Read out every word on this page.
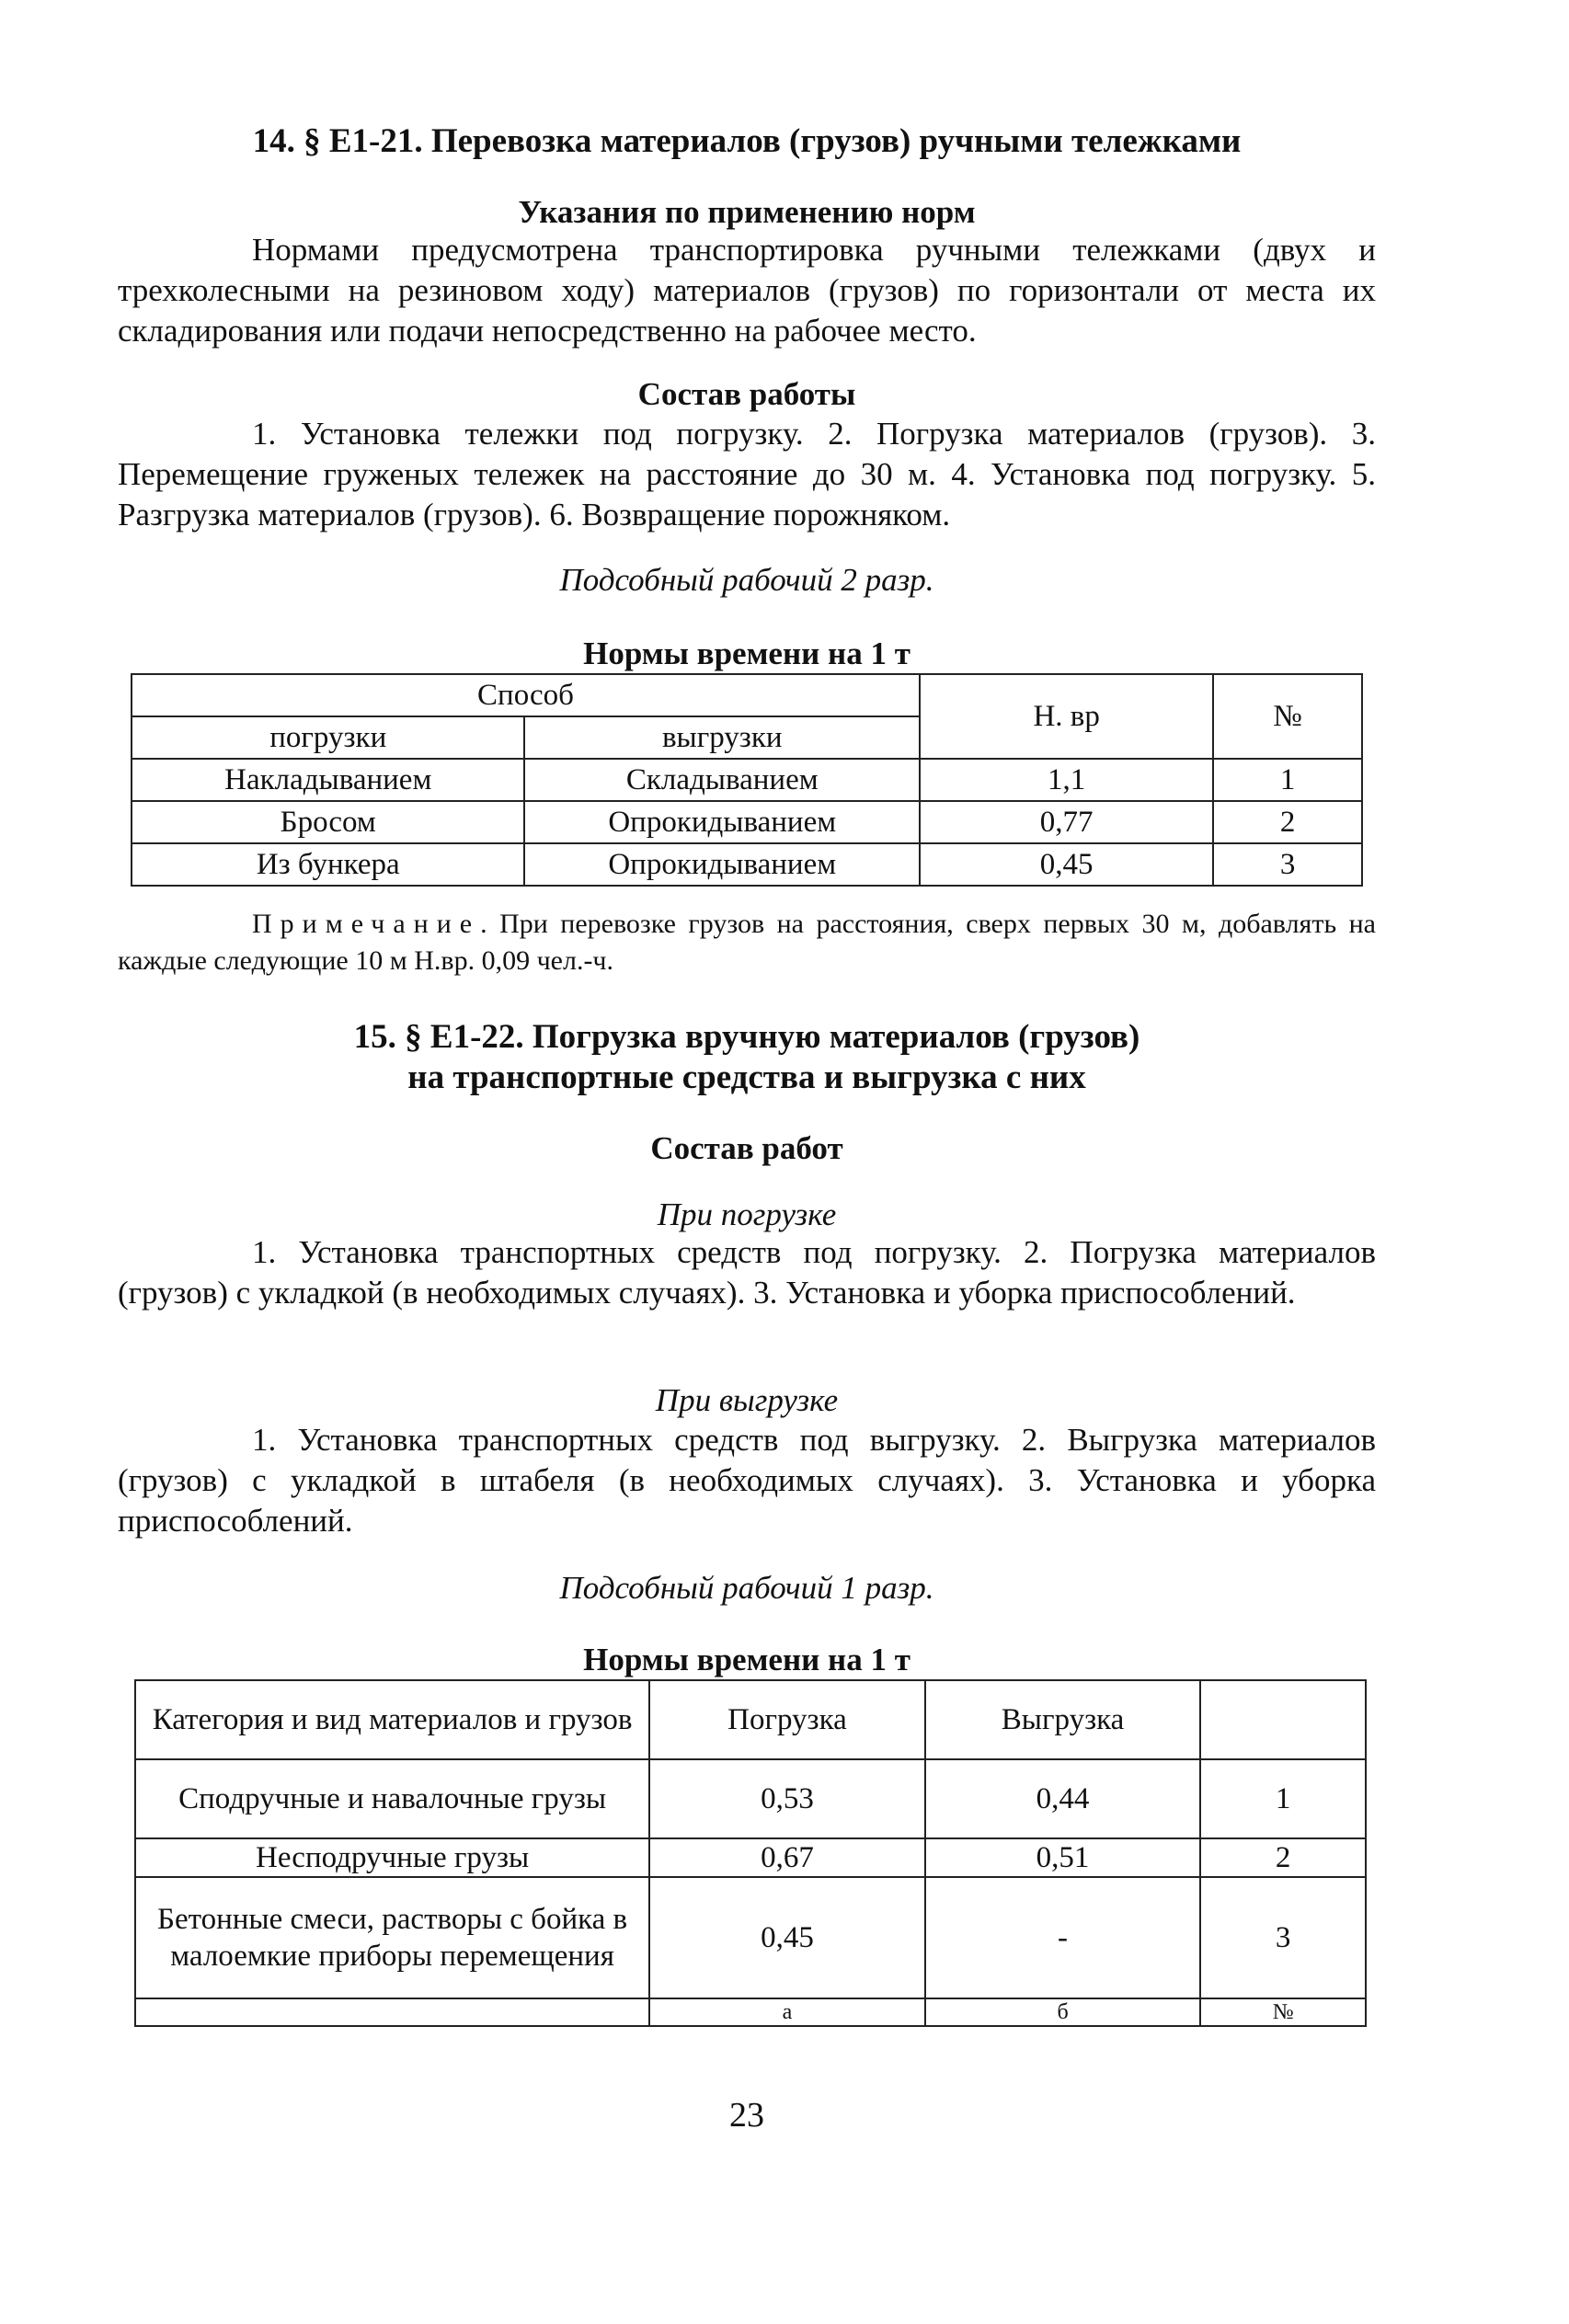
14. § Е1-21. Перевозка материалов (грузов) ручными тележками
Указания по применению норм
Нормами предусмотрена транспортировка ручными тележками (двух и трехколесными на резиновом ходу) материалов (грузов) по горизонтали от места их складирования или подачи непосредственно на рабочее место.
Состав работы
1. Установка тележки под погрузку. 2. Погрузка материалов (грузов). 3. Перемещение груженых тележек на расстояние до 30 м. 4. Установка под погрузку. 5. Разгрузка материалов (грузов). 6. Возвращение порожняком.
Подсобный рабочий 2 разр.
Нормы времени на 1 т
Способ		Н. вр	№
погрузки	выгрузки		
Накладыванием	Складыванием	1,1	1
Бросом	Опрокидыванием	0,77	2
Из бункера	Опрокидыванием	0,45	3
Примечание. При перевозке грузов на расстояния, сверх первых 30 м, добавлять на каждые следующие 10 м Н.вр. 0,09 чел.-ч.
15. § Е1-22. Погрузка вручную материалов (грузов)
на транспортные средства и выгрузка с них
Состав работ
При погрузке
1. Установка транспортных средств под погрузку. 2. Погрузка материалов (грузов) с укладкой (в необходимых случаях). 3. Установка и уборка приспособлений.
При выгрузке
1. Установка транспортных средств под выгрузку. 2. Выгрузка материалов (грузов) с укладкой в штабеля (в необходимых случаях). 3. Установка и уборка приспособлений.
Подсобный рабочий 1 разр.
Нормы времени на 1 т
Категория и вид материалов и грузов	Погрузка	Выгрузка	
Сподручные и навалочные грузы	0,53	0,44	1
Несподручные грузы	0,67	0,51	2
Бетонные смеси, растворы с бойка в малоемкие приборы перемещения	0,45	-	3
	а	б	№
23
